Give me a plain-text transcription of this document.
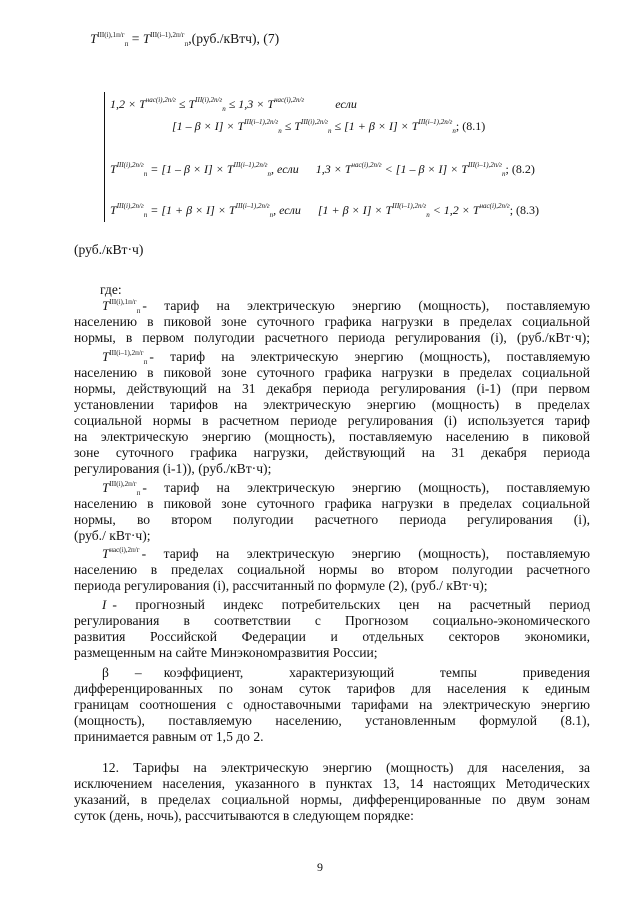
$T^{III(i),1п/г}_п$ = $T^{III(i-1),2п/г}_п,(руб./кВтч)$, (7)
$1,2 \times T^{нас(i),2п/г} \le T^{III(i),2п/г}_п \le 1,3 \times T^{нас(i),2п/г}$	если
$[1 - \beta \times I] \times T^{III(i-1),2п/г}_п \le T^{III(i),2п/г}_п \le [1 + \beta \times I] \times T^{III(i-1),2п/г}_п$; (8.1)
$T^{III(i),2п/г}_п = [1 - \beta \times I] \times T^{III(i-1),2п/г}_п$, если $1,3 \times T^{нас(i),2п/г} < [1 - \beta \times I] \times T^{III(i-1),2п/г}_п$; (8.2)
$T^{III(i),2п/г}_п = [1 + \beta \times I] \times T^{III(i-1),2п/г}_п$, если $[1 + \beta \times I] \times T^{III(i-1),2п/г}_п < 1,2 \times T^{нас(i),2п/г}$; (8.3)
(руб./кВт·ч)
где:
$T^{III(i),1п/г}_п$ - тариф на электрическую энергию (мощность), поставляемую
населению в пиковой зоне суточного графика нагрузки в пределах социальной
нормы, в первом полугодии расчетного периода регулирования (i), (руб./кВт·ч);
$T^{III(i-1),2п/г}_п$ - тариф на электрическую энергию (мощность), поставляемую
населению в пиковой зоне суточного графика нагрузки в пределах социальной
нормы, действующий на 31 декабря периода регулирования (i-1) (при первом
установлении тарифов на электрическую энергию (мощность) в пределах
социальной нормы в расчетном периоде регулирования (i) используется тариф
на электрическую энергию (мощность), поставляемую населению в пиковой
зоне суточного графика нагрузки, действующий на 31 декабря периода
регулирования (i-1)), (руб./кВт·ч);
$T^{III(i),2п/г}_п$ - тариф на электрическую энергию (мощность), поставляемую
населению в пиковой зоне суточного графика нагрузки в пределах социальной
нормы, во втором полугодии расчетного периода регулирования (i),
(руб./ кВт·ч);
$T^{нас(i),2п/г}$ - тариф на электрическую энергию (мощность), поставляемую
населению в пределах социальной нормы во втором полугодии расчетного
периода регулирования (i), рассчитанный по формуле (2), (руб./ кВт·ч);
I - прогнозный индекс потребительских цен на расчетный период
регулирования в соответствии с Прогнозом социально-экономического
развития Российской Федерации и отдельных секторов экономики,
размещенным на сайте Минэкономразвития России;
β – коэффициент, характеризующий темпы приведения
дифференцированных по зонам суток тарифов для населения к единым
границам соотношения с одноставочными тарифами на электрическую энергию
(мощность), поставляемую населению, установленным формулой (8.1),
принимается равным от 1,5 до 2.
12. Тарифы на электрическую энергию (мощность) для населения, за
исключением населения, указанного в пунктах 13, 14 настоящих Методических
указаний, в пределах социальной нормы, дифференцированные по двум зонам
суток (день, ночь), рассчитываются в следующем порядке:
9
